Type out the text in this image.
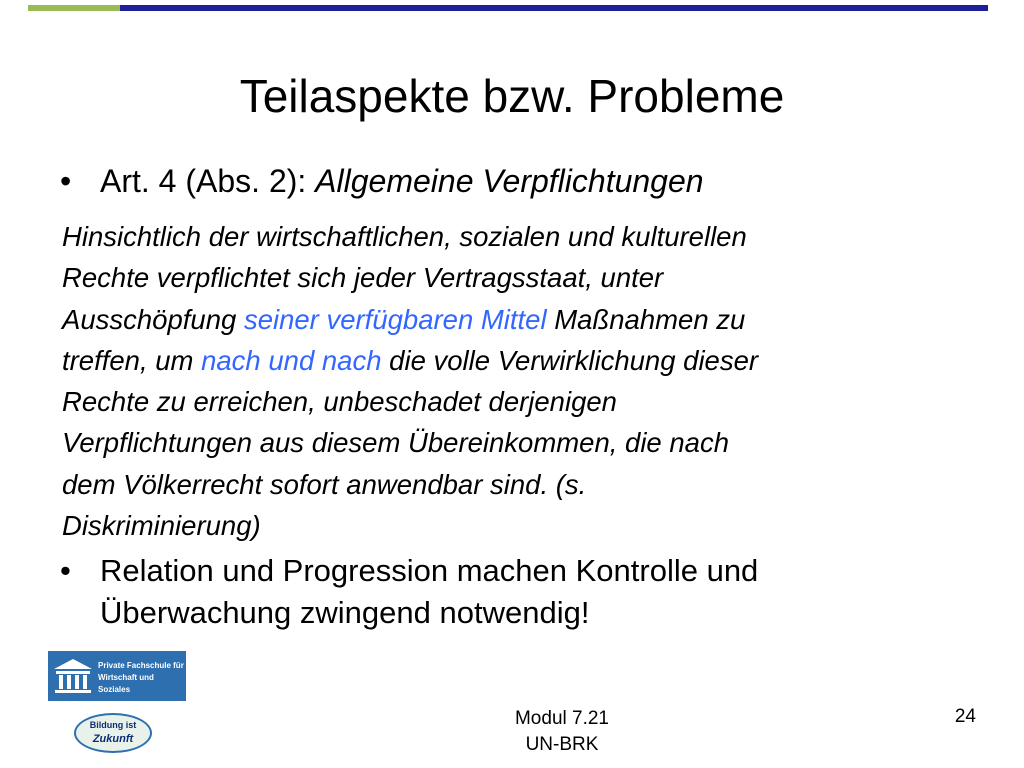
Teilaspekte bzw. Probleme
• Art. 4 (Abs. 2): Allgemeine Verpflichtungen
Hinsichtlich der wirtschaftlichen, sozialen und kulturellen
Rechte verpflichtet sich jeder Vertragsstaat, unter
Ausschöpfung seiner verfügbaren Mittel Maßnahmen zu
treffen, um nach und nach die volle Verwirklichung dieser
Rechte zu erreichen, unbeschadet derjenigen
Verpflichtungen aus diesem Übereinkommen, die nach
dem Völkerrecht sofort anwendbar sind. (s.
Diskriminierung)
• Relation und Progression machen Kontrolle und
Überwachung zwingend notwendig!
Private Fachschule für
Wirtschaft und Soziales
Bildung ist
Zukunft
Modul 7.21
UN-BRK
24
